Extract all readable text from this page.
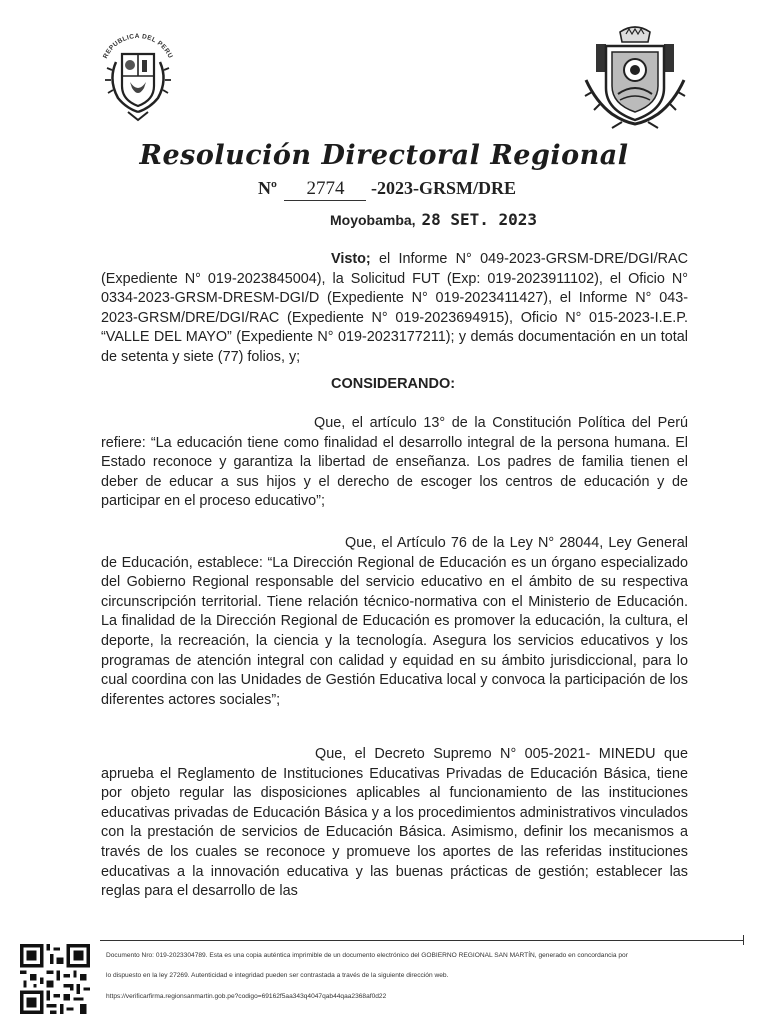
REPUBLICA DEL PERU
Resolución Directoral Regional
Nº 2774 -2023-GRSM/DRE
Moyobamba, 28 SET. 2023

Visto; el Informe N° 049-2023-GRSM-DRE/DGI/RAC (Expediente N° 019-2023845004), la Solicitud FUT (Exp: 019-2023911102), el Oficio N° 0334-2023-GRSM-DRESM-DGI/D (Expediente N° 019-2023411427), el Informe N° 043-2023-GRSM/DRE/DGI/RAC (Expediente N° 019-2023694915), Oficio N° 015-2023-I.E.P. “VALLE DEL MAYO” (Expediente N° 019-2023177211); y demás documentación en un total de setenta y siete (77) folios, y;

CONSIDERANDO:

Que, el artículo 13° de la Constitución Política del Perú refiere: “La educación tiene como finalidad el desarrollo integral de la persona humana. El Estado reconoce y garantiza la libertad de enseñanza. Los padres de familia tienen el deber de educar a sus hijos y el derecho de escoger los centros de educación y de participar en el proceso educativo”;

Que, el Artículo 76 de la Ley N° 28044, Ley General de Educación, establece: “La Dirección Regional de Educación es un órgano especializado del Gobierno Regional responsable del servicio educativo en el ámbito de su respectiva circunscripción territorial. Tiene relación técnico-normativa con el Ministerio de Educación. La finalidad de la Dirección Regional de Educación es promover la educación, la cultura, el deporte, la recreación, la ciencia y la tecnología. Asegura los servicios educativos y los programas de atención integral con calidad y equidad en su ámbito jurisdiccional, para lo cual coordina con las Unidades de Gestión Educativa local y convoca la participación de los diferentes actores sociales”;

Que, el Decreto Supremo N° 005-2021- MINEDU que aprueba el Reglamento de Instituciones Educativas Privadas de Educación Básica, tiene por objeto regular las disposiciones aplicables al funcionamiento de las instituciones educativas privadas de Educación Básica y a los procedimientos administrativos vinculados con la prestación de servicios de Educación Básica. Asimismo, definir los mecanismos a través de los cuales se reconoce y promueve los aportes de las referidas instituciones educativas a la innovación educativa y las buenas prácticas de gestión; establecer las reglas para el desarrollo de las

Documento Nro: 019-2023304789. Esta es una copia auténtica imprimible de un documento electrónico del GOBIERNO REGIONAL SAN MARTÍN, generado en concordancia por
lo dispuesto en la ley 27269. Autenticidad e integridad pueden ser contrastada a través de la siguiente dirección web.
https://verificarfirma.regionsanmartin.gob.pe?codigo=69162f5aa343q4047qab44qaa2368af0d22
